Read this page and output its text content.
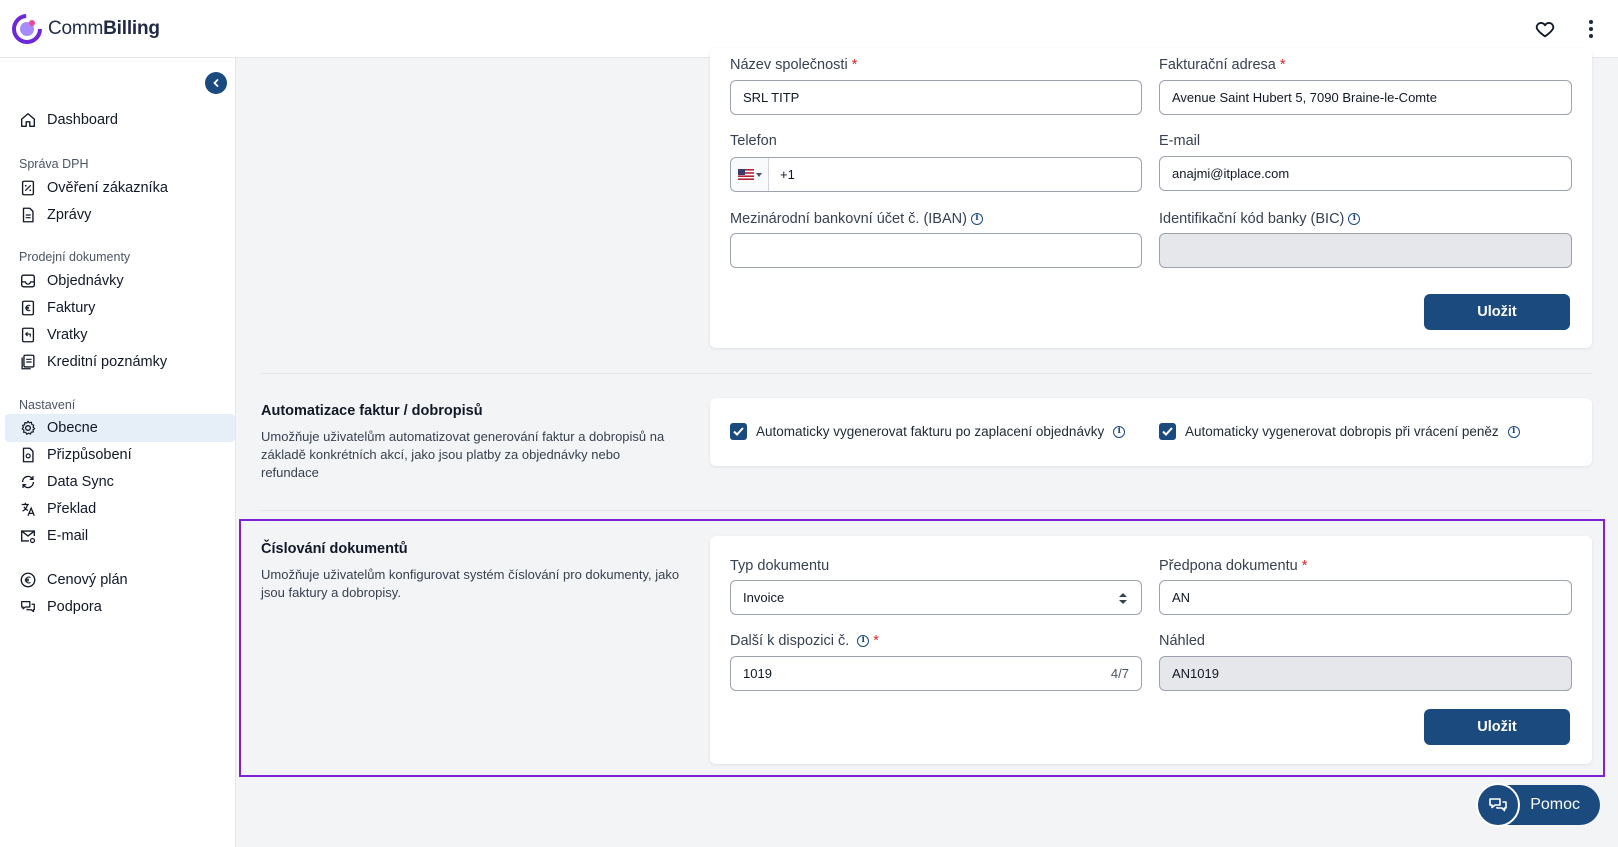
CommBilling
Dashboard
Správa DPH
Ověření zákazníka
Zprávy
Prodejní dokumenty
Objednávky
Faktury
Vratky
Kreditní poznámky
Nastavení
Obecne
Přizpůsobení
Data Sync
Překlad
E-mail
Cenový plán
Podpora
Název společnosti *
SRL TITP
Fakturační adresa *
Avenue Saint Hubert 5, 7090 Braine-le-Comte
Telefon
+1
E-mail
anajmi@itplace.com
Mezinárodní bankovní účet č. (IBAN) i	Identifikační kód banky (BIC) i
Uložit
Automatizace faktur / dobropisů
Umožňuje uživatelům automatizovat generování faktur a dobropisů na základě konkrétních akcí, jako jsou platby za objednávky nebo refundace
Automaticky vygenerovat fakturu po zaplacení objednávky	i	Automaticky vygenerovat dobropis při vrácení peněz	i
Číslování dokumentů
Umožňuje uživatelům konfigurovat systém číslování pro dokumenty, jako jsou faktury a dobropisy.
Typ dokumentu
Invoice
Předpona dokumentu *
AN
Další k dispozici č. i *
1019	4/7
Náhled
AN1019
Uložit
Pomoc
